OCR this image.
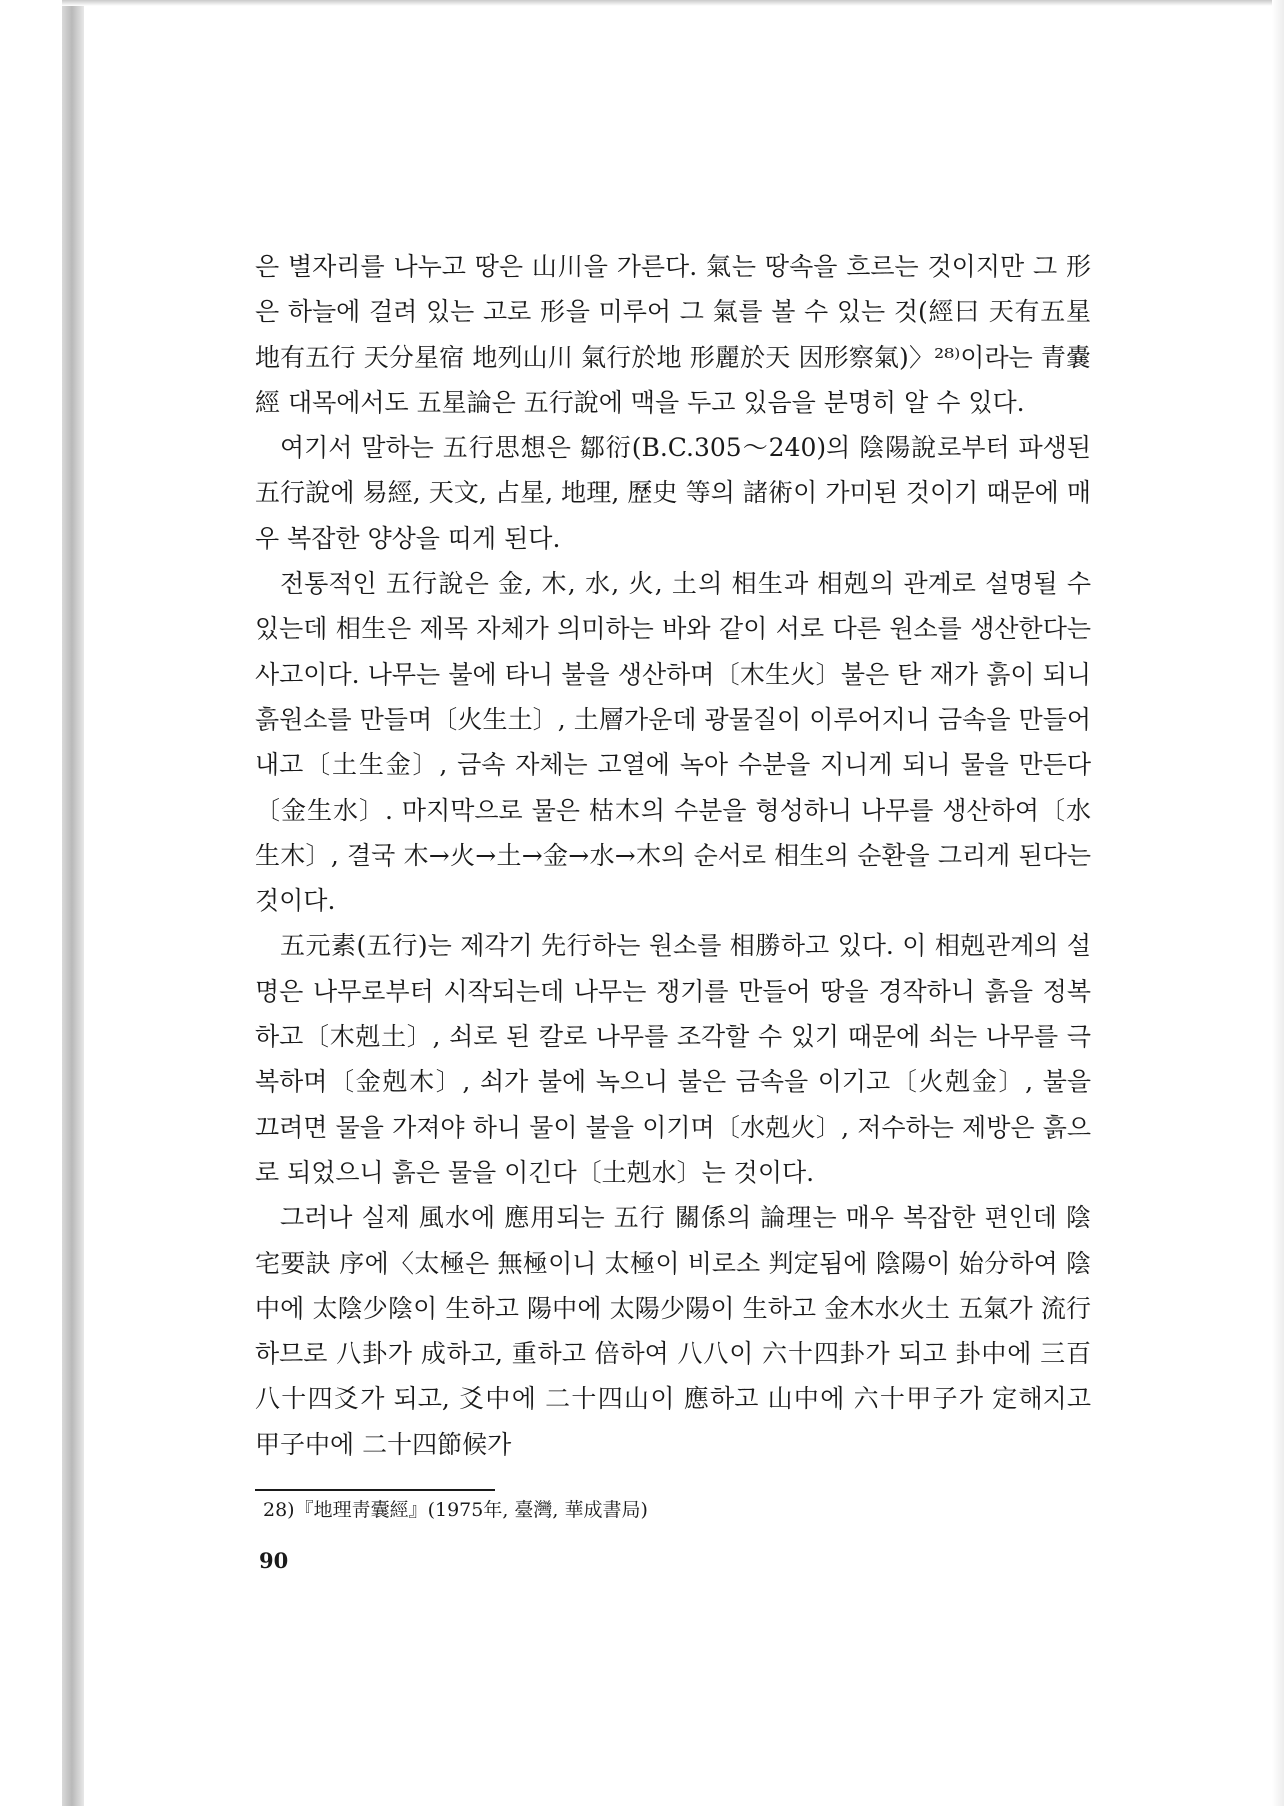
은 별자리를 나누고 땅은 山川을 가른다. 氣는 땅속을 흐르는 것이지만 그 形은 하늘에 걸려 있는 고로 形을 미루어 그 氣를 볼 수 있는 것(經曰 天有五星 地有五行 天分星宿 地列山川 氣行於地 形麗於天 因形察氣)〉²⁸⁾이라는 青嚢經 대목에서도 五星論은 五行說에 맥을 두고 있음을 분명히 알 수 있다.

여기서 말하는 五行思想은 鄒衍(B.C.305～240)의 陰陽說로부터 파생된 五行說에 易經, 天文, 占星, 地理, 歷史 等의 諸術이 가미된 것이기 때문에 매우 복잡한 양상을 띠게 된다.

전통적인 五行說은 金, 木, 水, 火, 土의 相生과 相剋의 관계로 설명될 수 있는데 相生은 제목 자체가 의미하는 바와 같이 서로 다른 원소를 생산한다는 사고이다. 나무는 불에 타니 불을 생산하며〔木生火〕불은 탄 재가 흙이 되니 흙원소를 만들며〔火生土〕, 土層가운데 광물질이 이루어지니 금속을 만들어 내고〔土生金〕, 금속 자체는 고열에 녹아 수분을 지니게 되니 물을 만든다〔金生水〕. 마지막으로 물은 枯木의 수분을 형성하니 나무를 생산하여〔水生木〕, 결국 木→火→土→金→水→木의 순서로 相生의 순환을 그리게 된다는 것이다.

五元素(五行)는 제각기 先行하는 원소를 相勝하고 있다. 이 相剋관계의 설명은 나무로부터 시작되는데 나무는 쟁기를 만들어 땅을 경작하니 흙을 정복하고〔木剋土〕, 쇠로 된 칼로 나무를 조각할 수 있기 때문에 쇠는 나무를 극복하며〔金剋木〕, 쇠가 불에 녹으니 불은 금속을 이기고〔火剋金〕, 불을 끄려면 물을 가져야 하니 물이 불을 이기며〔水剋火〕, 저수하는 제방은 흙으로 되었으니 흙은 물을 이긴다〔土剋水〕는 것이다.

그러나 실제 風水에 應用되는 五行 關係의 論理는 매우 복잡한 편인데 陰宅要訣 序에〈太極은 無極이니 太極이 비로소 判定됨에 陰陽이 始分하여 陰中에 太陰少陰이 生하고 陽中에 太陽少陽이 生하고 金木水火土 五氣가 流行하므로 八卦가 成하고, 重하고 倍하여 八八이 六十四卦가 되고 卦中에 三百八十四爻가 되고, 爻中에 二十四山이 應하고 山中에 六十甲子가 定해지고 甲子中에 二十四節候가

28)『地理靑囊經』(1975年, 臺灣, 華成書局)
90
